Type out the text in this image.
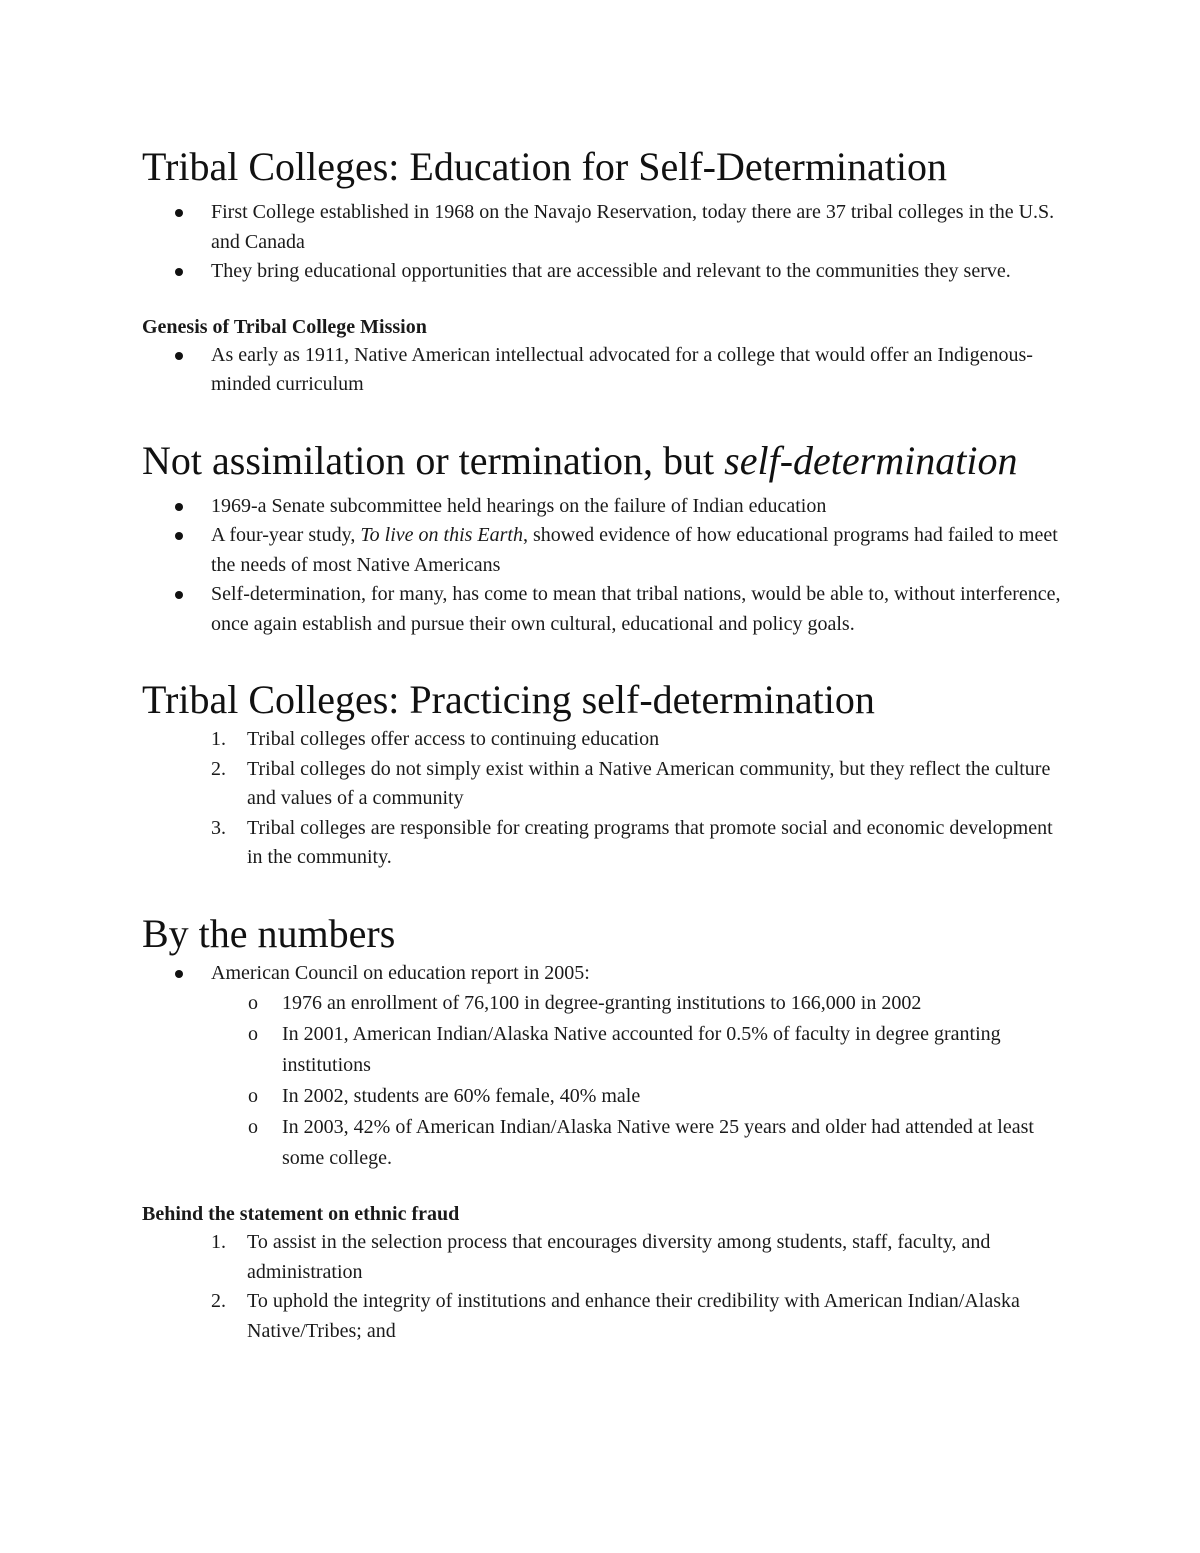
Tribal Colleges: Education for Self-Determination
First College established in 1968 on the Navajo Reservation, today there are 37 tribal colleges in the U.S. and Canada
They bring educational opportunities that are accessible and relevant to the communities they serve.

Genesis of Tribal College Mission

As early as 1911, Native American intellectual advocated for a college that would offer an Indigenous-minded curriculum
Not assimilation or termination, but self-determination
1969-a Senate subcommittee held hearings on the failure of Indian education
A four-year study, To live on this Earth, showed evidence of how educational programs had failed to meet the needs of most Native Americans
Self-determination, for many, has come to mean that tribal nations, would be able to, without interference, once again establish and pursue their own cultural, educational and policy goals.
Tribal Colleges: Practicing self-determination
1. Tribal colleges offer access to continuing education
2. Tribal colleges do not simply exist within a Native American community, but they reflect the culture and values of a community
3. Tribal colleges are responsible for creating programs that promote social and economic development in the community.
By the numbers
American Council on education report in 2005:
o 1976 an enrollment of 76,100 in degree-granting institutions to 166,000 in 2002
o In 2001, American Indian/Alaska Native accounted for 0.5% of faculty in degree granting institutions
o In 2002, students are 60% female, 40% male
o In 2003, 42% of American Indian/Alaska Native were 25 years and older had attended at least some college.

Behind the statement on ethnic fraud

1. To assist in the selection process that encourages diversity among students, staff, faculty, and administration
2. To uphold the integrity of institutions and enhance their credibility with American Indian/Alaska Native/Tribes; and
